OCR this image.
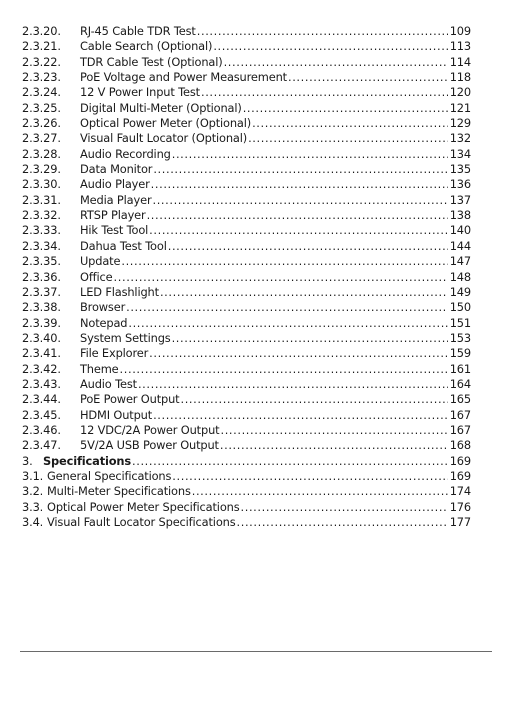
2.3.20.	RJ-45 Cable TDR Test .....	109
2.3.21.	Cable Search (Optional) .....	113
2.3.22.	TDR Cable Test (Optional) .....	114
2.3.23.	PoE Voltage and Power Measurement .....	118
2.3.24.	12 V Power Input Test .....	120
2.3.25.	Digital Multi-Meter (Optional) .....	121
2.3.26.	Optical Power Meter (Optional) .....	129
2.3.27.	Visual Fault Locator (Optional) .....	132
2.3.28.	Audio Recording .....	134
2.3.29.	Data Monitor .....	135
2.3.30.	Audio Player .....	136
2.3.31.	Media Player .....	137
2.3.32.	RTSP Player .....	138
2.3.33.	Hik Test Tool .....	140
2.3.34.	Dahua Test Tool .....	144
2.3.35.	Update .....	147
2.3.36.	Office .....	148
2.3.37.	LED Flashlight .....	149
2.3.38.	Browser .....	150
2.3.39.	Notepad .....	151
2.3.40.	System Settings .....	153
2.3.41.	File Explorer .....	159
2.3.42.	Theme .....	161
2.3.43.	Audio Test .....	164
2.3.44.	PoE Power Output .....	165
2.3.45.	HDMI Output .....	167
2.3.46.	12 VDC/2A Power Output .....	167
2.3.47.	5V/2A USB Power Output .....	168
3. Specifications .....	169
3.1. General Specifications .....	169
3.2. Multi-Meter Specifications .....	174
3.3. Optical Power Meter Specifications .....	176
3.4. Visual Fault Locator Specifications .....	177
